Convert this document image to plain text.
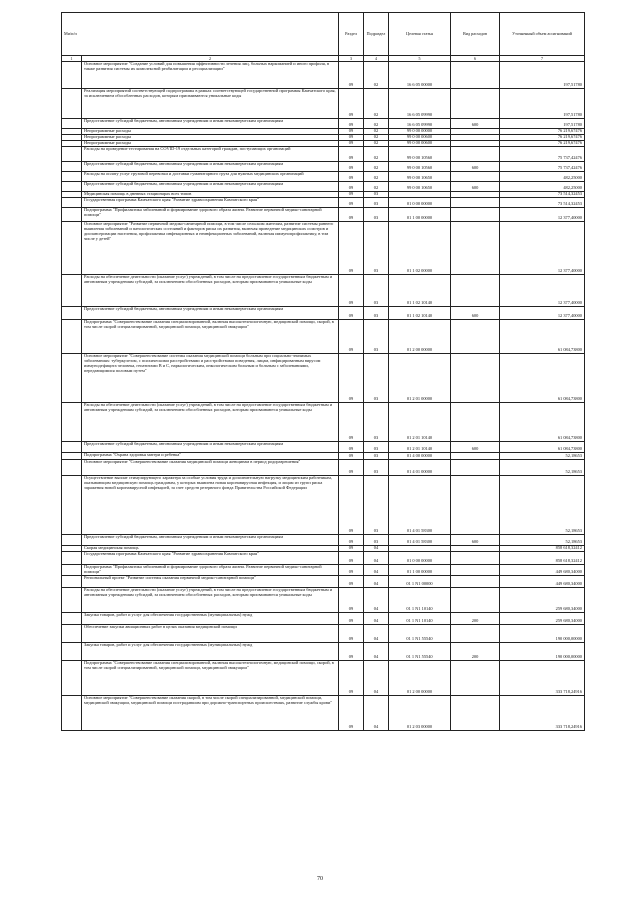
Ми/п/п		Раздел	Подраздел	Целевая статья	Вид расходов	Уточненный объем ассигнований
1	2	3	4	5	6	7
	Основное мероприятие "Создание условий для повышения эффективности лечения лиц, больных наркоманией и иного профиля, в также развития системы их комплексной реабилитации и ресоциализации"	09	02	16 6 05 00000		197,51780
	Реализация мероприятий соответствующей подпрограммы в рамках соответствующей государственной программы Камчатского края, за исключением обособленных расходов, которым присваиваются уникальные коды	09	02	16 6 05 09990		197,51780
	Предоставление субсидий бюджетным, автономным учреждениям и иным некоммерческим организациям	09	02	16 6 05 09990	600	197,51780
	Непрограммные расходы	09	02	99 0 00 00000		76 219,67476
	Непрограммные расходы	09	02	99 0 00 00600		76 219,67476
	Непрограммные расходы	09	02	99 0 00 00600		76 219,67476
	Расходы на проведение тестирования на COVID-19 отдельных категорий граждан, поступающих организаций	09	02	99 0 00 10560		75 737,42476
	Предоставление субсидий бюджетным, автономным учреждениям и иным некоммерческим организациям	09	02	99 0 00 10560	600	75 737,42476
	Расходы на оплату услуг грузовой перевозки и доставки гуманитарного груза для нужных медицинских организаций	09	02	99 0 00 10650		482,25000
	Предоставление субсидий бюджетным, автономным учреждениям и иным некоммерческим организациям	09	02	99 0 00 10650	600	482,25000
	Медицинская помощь в дневных стационарах всех типов	09	03			73 514,32453
	Государственная программа Камчатского края "Развитие здравоохранения Камчатского края"	09	03	01 0 00 00000		73 514,32453
	Подпрограмма "Профилактика заболеваний и формирование здорового образа жизни. Развитие первичной медико-санитарной помощи"	09	03	01 1 00 00000		12 377,40000
	Основное мероприятие "Развитие первичной медико-санитарной помощи, в том числе сельским жителям, развитие системы раннего выявления заболеваний и патологических состояний и факторов риска их развития, включая проведение медицинских осмотров и диспансеризации населения, профилактика инфекционных и неинфекционных заболеваний, включая иммунопрофилактику, в том числе у детей"	09	03	01 1 02 00000		12 377,40000
	Расходы на обеспечение деятельности (оказание услуг) учреждений, в том числе на предоставление государственным бюджетным и автономным учреждениям субсидий, за исключением обособленных расходов, которым присваиваются уникальные коды	09	03	01 1 02 10140		12 377,40000
	Предоставление субсидий бюджетным, автономным учреждениям и иным некоммерческим организациям	09	03	01 1 02 10140	600	12 377,40000
	Подпрограмма "Совершенствование оказания специализированной, включая высокотехнологичную, медицинской помощи, скорой, в том числе скорой специализированной, медицинской помощи, медицинской эвакуации"	09	03	01 2 00 00000		61 084,73800
	Основное мероприятие "Совершенствование системы оказания медицинской помощи больным при социально-значимых заболеваниях: туберкулезом, с психическими расстройствами и расстройствами поведения, лицам, инфицированным вирусом иммунодефицита человека, гепатитами В и С, наркологическим, онкологическим больным и больным с заболеваниями, передающимися половым путем"	09	03	01 2 01 00000		61 084,73800
	Расходы на обеспечение деятельности (оказание услуг) учреждений, в том числе на предоставление государственным бюджетным и автономным учреждениям субсидий, за исключением обособленных расходов, которым присваиваются уникальные коды	09	03	01 2 01 10140		61 084,73800
	Предоставление субсидий бюджетным, автономным учреждениям и иным некоммерческим организациям	09	03	01 2 01 10140	600	61 084,73800
	Подпрограмма "Охрана здоровья матери и ребенка"	09	03	01 4 00 00000		52,18653
	Основное мероприятие "Совершенствование оказания медицинской помощи женщинам в период родоразрешения"	09	03	01 4 01 00000		52,18653
	Осуществление выплат стимулирующего характера за особые условия труда и дополнительную нагрузку медицинским работникам, оказывающим медицинскую помощь гражданам, у которых выявлена новая коронавирусная инфекция, и лицам из групп риска заражения новой коронавирусной инфекцией, за счет средств резервного фонда Правительства Российской Федерации	09	03	01 4 01 58300		52,18653
	Предоставление субсидий бюджетным, автономным учреждениям и иным некоммерческим организациям	09	03	01 4 01 58300	600	52,18653
	Скорая медицинская помощь	09	04			858 618,32412
	Государственная программа Камчатского края "Развитие здравоохранения Камчатского края"	09	04	01 0 00 00000		858 618,32412
	Подпрограмма "Профилактика заболеваний и формирование здорового образа жизни. Развитие первичной медико-санитарной помощи"	09	04	01 1 00 00000		449 680,34000
	Региональный проект "Развитие системы оказания первичной медико-санитарной помощи"	09	04	01 1 N1 00000		449 680,34000
	Расходы на обеспечение деятельности (оказание услуг) учреждений, в том числе на предоставление государственным бюджетным и автономным учреждениям субсидий, за исключением обособленных расходов, которым присваиваются уникальные коды	09	04	01 1 N1 10140		259 680,34000
	Закупка товаров, работ и услуг для обеспечения государственных (муниципальных) нужд	09	04	01 1 N1 10140	200	259 680,34000
	Обеспечение закупки авиационных работ в целях оказания медицинской помощи	09	04	01 1 N1 55540		190 000,00000
	Закупка товаров, работ и услуг для обеспечения государственных (муниципальных) нужд	09	04	01 1 N1 55540	200	190 000,00000
	Подпрограмма "Совершенствование оказания специализированной, включая высокотехнологичную, медицинской помощи, скорой, в том числе скорой специализированной, медицинской помощи, медицинской эвакуации"	09	04	01 2 00 00000		333 718,24916
	Основное мероприятие "Совершенствование оказания скорой, в том числе скорой специализированной, медицинской помощи, медицинской эвакуации, медицинской помощи пострадавшим при дорожно-транспортных происшествиях, развитие службы крови"	09	04	01 2 03 00000		333 718,24916
70
